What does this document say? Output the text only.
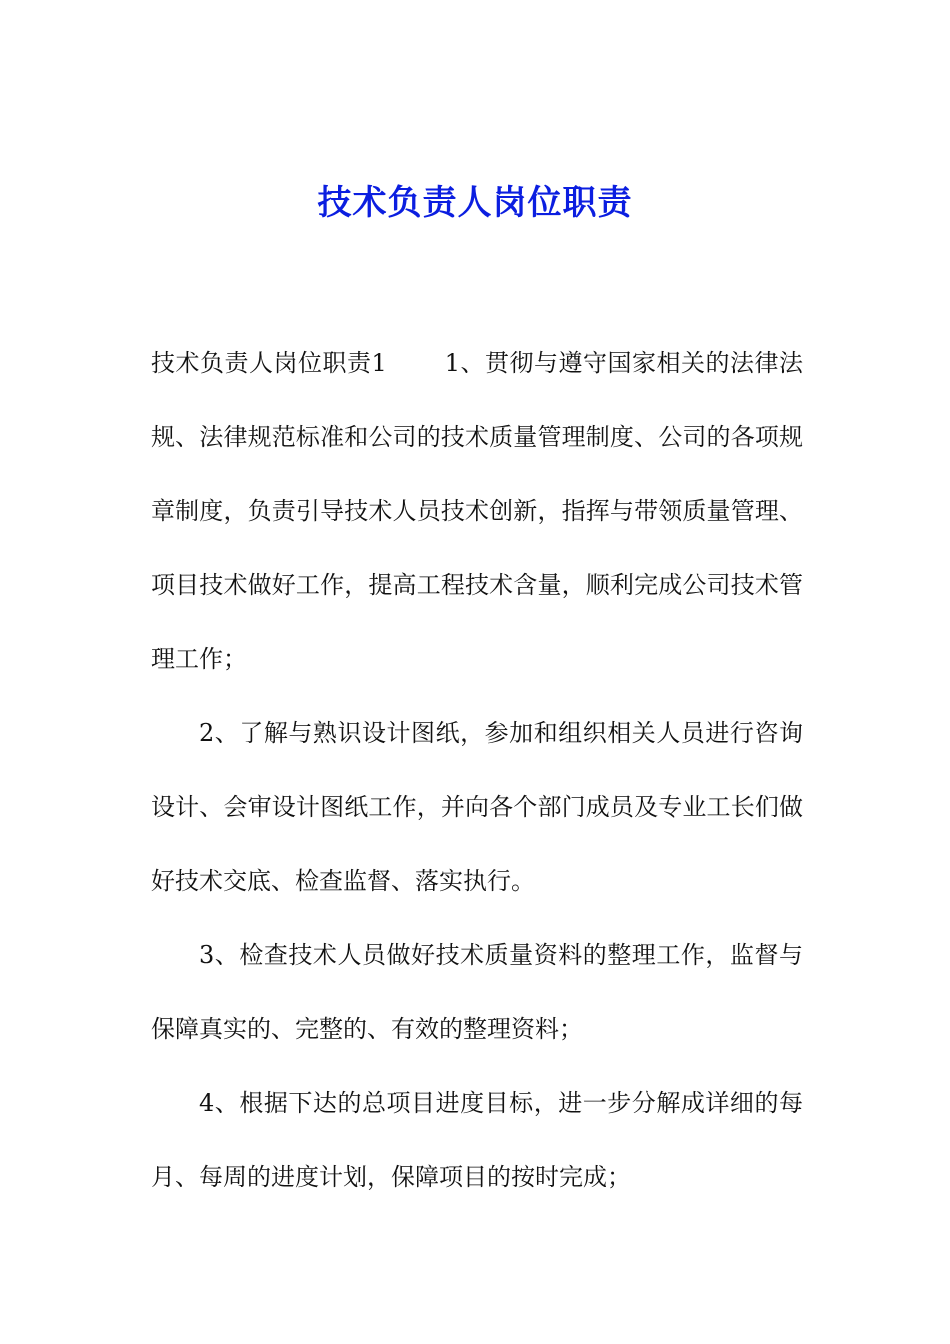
技术负责人岗位职责

技术负责人岗位职责1 1、贯彻与遵守国家相关的法律法规、法律规范标准和公司的技术质量管理制度、公司的各项规章制度，负责引导技术人员技术创新，指挥与带领质量管理、项目技术做好工作，提高工程技术含量，顺利完成公司技术管理工作；

2、了解与熟识设计图纸，参加和组织相关人员进行咨询设计、会审设计图纸工作，并向各个部门成员及专业工长们做好技术交底、检查监督、落实执行。

3、检查技术人员做好技术质量资料的整理工作，监督与保障真实的、完整的、有效的整理资料；

4、根据下达的总项目进度目标，进一步分解成详细的每月、每周的进度计划，保障项目的按时完成；
